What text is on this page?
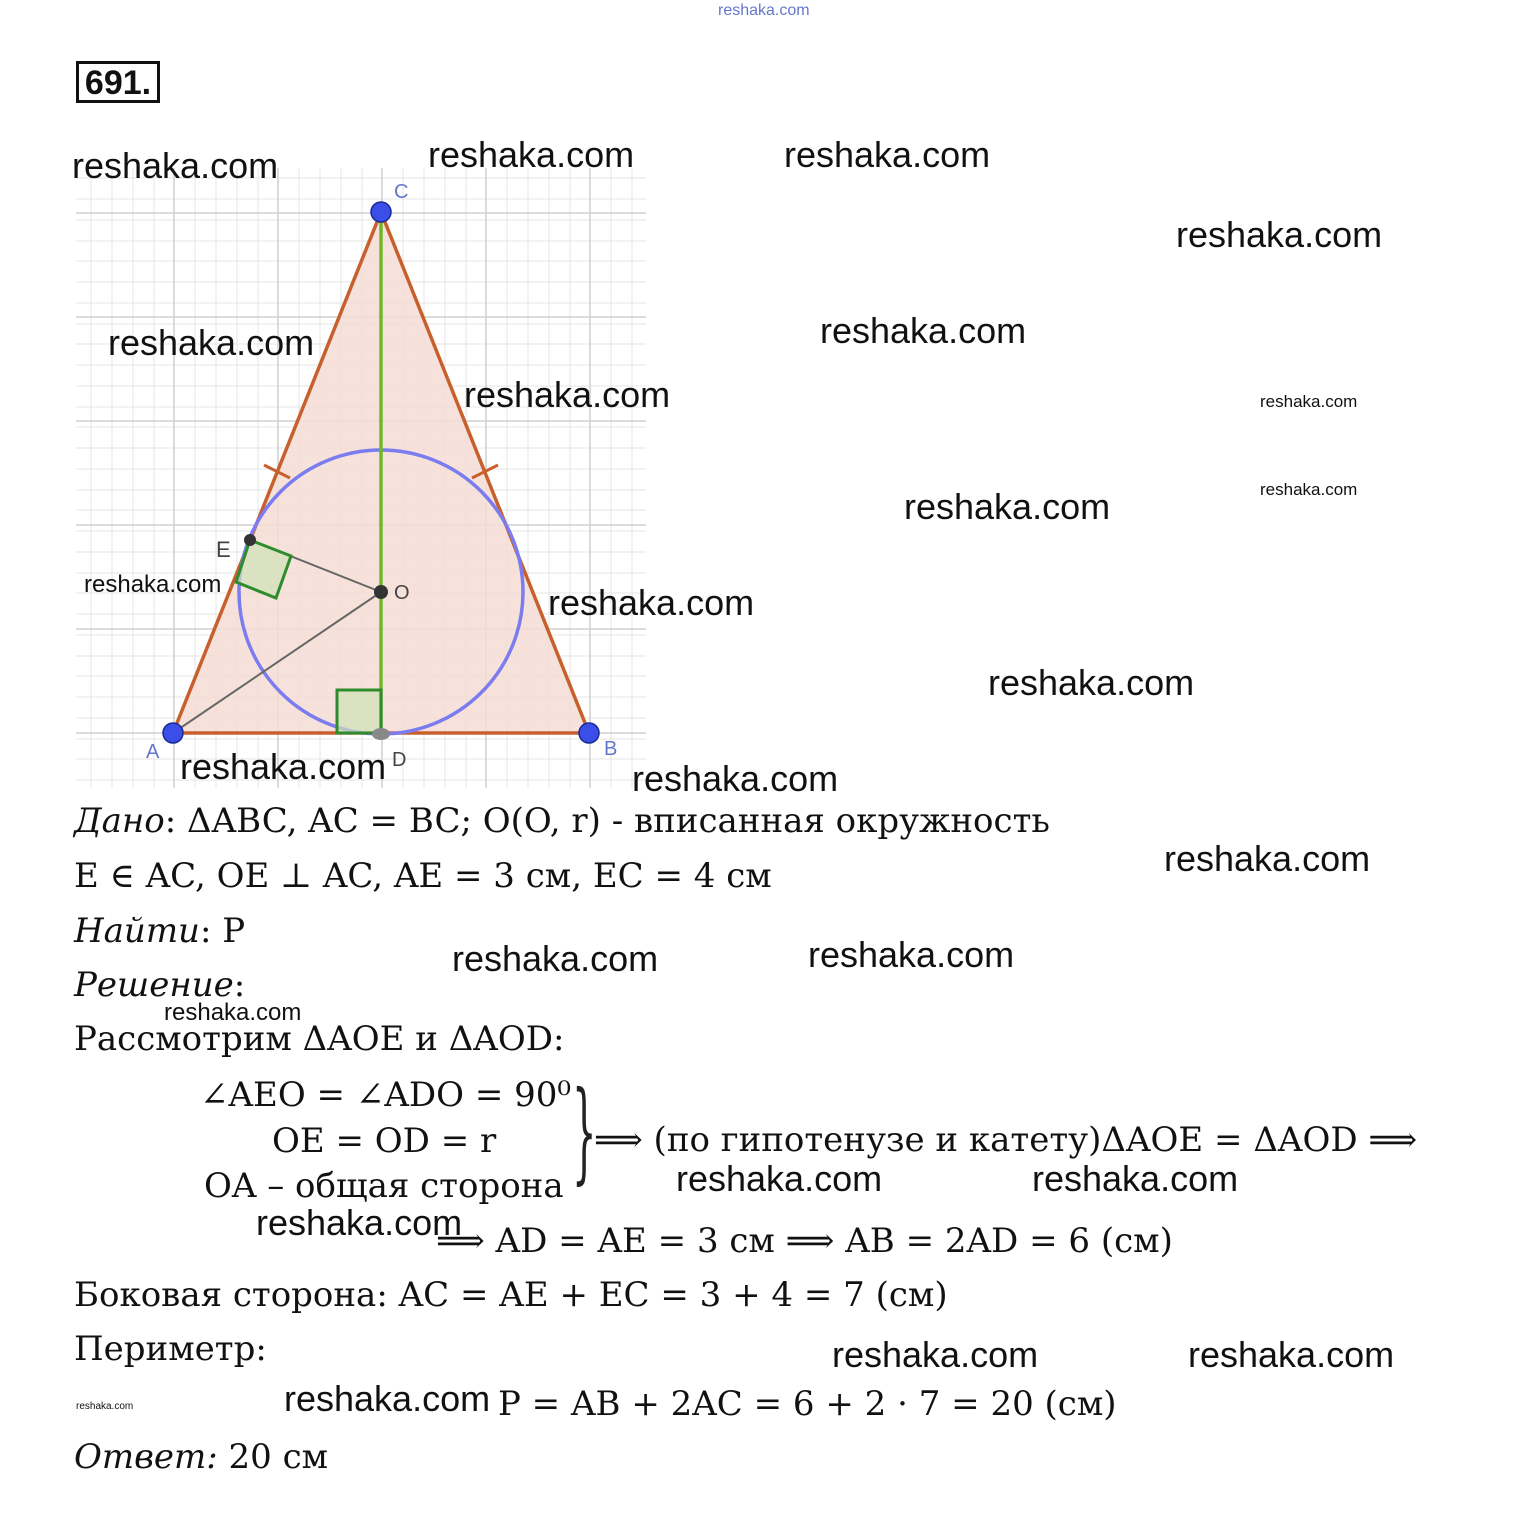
reshaka.com
691.
C
A	B
E
O
D
Дано: ΔABC, AC = BC; O(O, r) - вписанная окружность
E ∈ AC, OE ⊥ AC, AE = 3 см, EC = 4 см
Найти: P
Решение:
Рассмотрим ΔAOE и ΔAOD:
∠AEO = ∠ADO = 90⁰
OE = OD = r
OA – общая сторона }
⟹ (по гипотенузе и катету)ΔAOE = ΔAOD ⟹
⟹ AD = AE = 3 см ⟹ AB = 2AD = 6 (см)
Боковая сторона: AC = AE + EC = 3 + 4 = 7 (см)
Периметр:
P = AB + 2AC = 6 + 2 · 7 = 20 (см)
Ответ: 20 см
reshaka.com	reshaka.com	reshaka.com
reshaka.com
reshaka.com	reshaka.com
reshaka.com	reshaka.com
reshaka.com
reshaka.com
reshaka.com	reshaka.com
reshaka.com
reshaka.com	reshaka.com
reshaka.com
reshaka.com	reshaka.com
reshaka.com
reshaka.com	reshaka.com
reshaka.com
reshaka.com	reshaka.com
reshaka.com
reshaka.com
